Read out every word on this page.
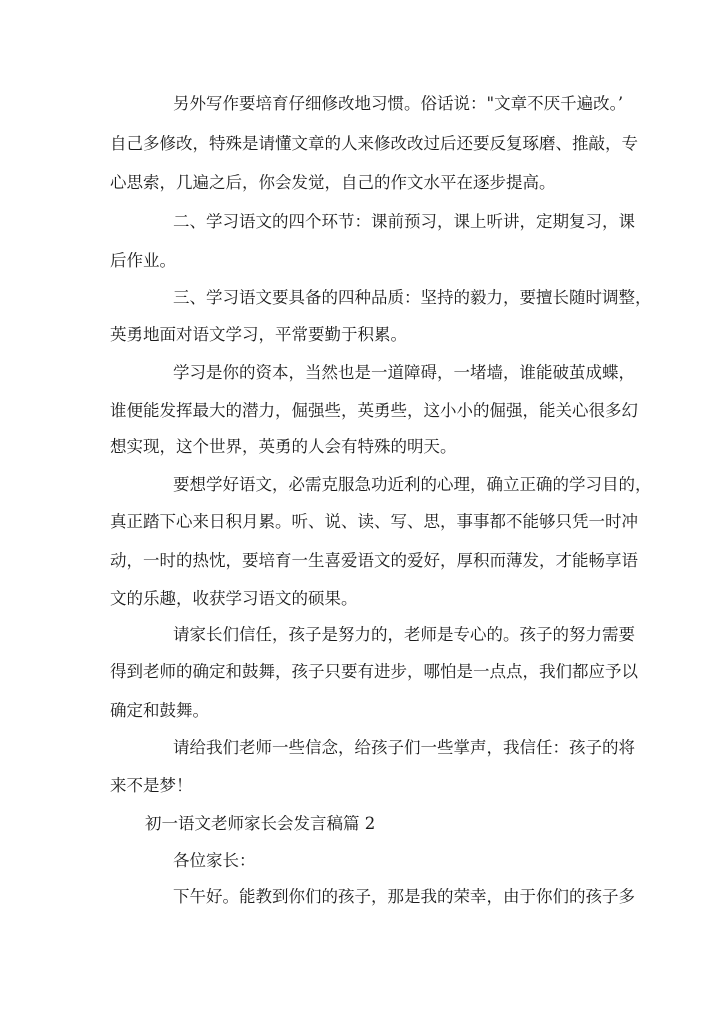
另外写作要培育仔细修改地习惯。俗话说："文章不厌千遍改。’
自己多修改，特殊是请懂文章的人来修改改过后还要反复琢磨、推敲，专
心思索，几遍之后，你会发觉，自己的作文水平在逐步提高。
二、学习语文的四个环节：课前预习，课上听讲，定期复习，课
后作业。
三、学习语文要具备的四种品质：坚持的毅力，要擅长随时调整，
英勇地面对语文学习，平常要勤于积累。
学习是你的资本，当然也是一道障碍，一堵墙，谁能破茧成蝶，
谁便能发挥最大的潜力，倔强些，英勇些，这小小的倔强，能关心很多幻
想实现，这个世界，英勇的人会有特殊的明天。
要想学好语文，必需克服急功近利的心理，确立正确的学习目的，
真正踏下心来日积月累。听、说、读、写、思，事事都不能够只凭一时冲
动，一时的热忱，要培育一生喜爱语文的爱好，厚积而薄发，才能畅享语
文的乐趣，收获学习语文的硕果。
请家长们信任，孩子是努力的，老师是专心的。孩子的努力需要
得到老师的确定和鼓舞，孩子只要有进步，哪怕是一点点，我们都应予以
确定和鼓舞。
请给我们老师一些信念，给孩子们一些掌声，我信任：孩子的将
来不是梦！
初一语文老师家长会发言稿篇 2
各位家长：
下午好。能教到你们的孩子，那是我的荣幸，由于你们的孩子多
